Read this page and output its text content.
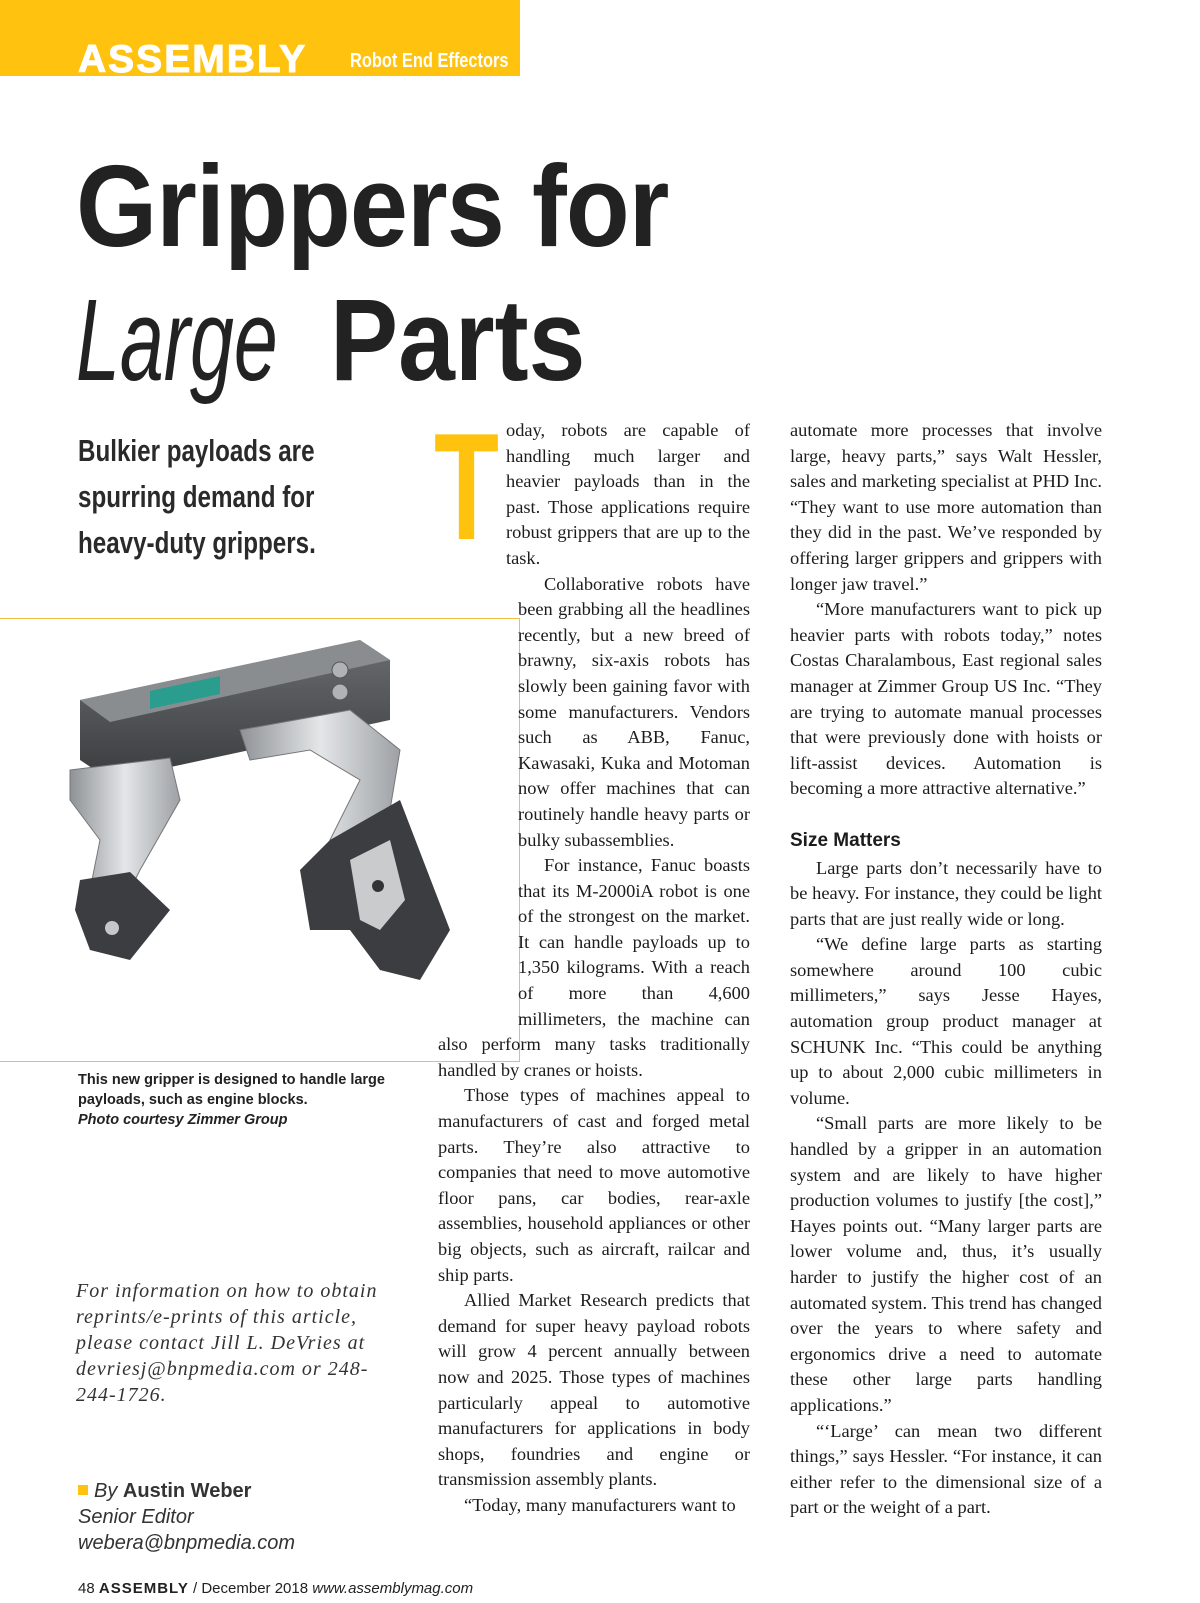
ASSEMBLY Robot End Effectors
Grippers for
Large Parts
Bulkier payloads are spurring demand for heavy-duty grippers.
This new gripper is designed to handle large payloads, such as engine blocks.
Photo courtesy Zimmer Group
For information on how to obtain reprints/e-prints of this article, please contact Jill L. DeVries at devriesj@bnpmedia.com or 248-244-1726.
By Austin Weber
Senior Editor
webera@bnpmedia.com
48 ASSEMBLY / December 2018 www.assemblymag.com
T oday, robots are capable of handling much larger and heavier payloads than in the past. Those applications require robust grippers that are up to the task.

Collaborative robots have been grabbing all the headlines recently, but a new breed of brawny, six-axis robots has slowly been gaining favor with some manufacturers. Vendors such as ABB, Fanuc, Kawasaki, Kuka and Motoman now offer machines that can routinely handle heavy parts or bulky subassemblies.

For instance, Fanuc boasts that its M-2000iA robot is one of the strongest on the market. It can handle payloads up to 1,350 kilograms. With a reach of more than 4,600 millimeters, the machine can also perform many tasks traditionally handled by cranes or hoists.

Those types of machines appeal to manufacturers of cast and forged metal parts. They’re also attractive to companies that need to move automotive floor pans, car bodies, rear-axle assemblies, household appliances or other big objects, such as aircraft, railcar and ship parts.

Allied Market Research predicts that demand for super heavy payload robots will grow 4 percent annually between now and 2025. Those types of machines particularly appeal to automotive manufacturers for applications in body shops, foundries and engine or transmission assembly plants.

“Today, many manufacturers want to

automate more processes that involve large, heavy parts,” says Walt Hessler, sales and marketing specialist at PHD Inc. “They want to use more automation than they did in the past. We’ve responded by offering larger grippers and grippers with longer jaw travel.”

“More manufacturers want to pick up heavier parts with robots today,” notes Costas Charalambous, East regional sales manager at Zimmer Group US Inc. “They are trying to automate manual processes that were previously done with hoists or lift-assist devices. Automation is becoming a more attractive alternative.”

Size Matters

Large parts don’t necessarily have to be heavy. For instance, they could be light parts that are just really wide or long.

“We define large parts as starting somewhere around 100 cubic millimeters,” says Jesse Hayes, automation group product manager at SCHUNK Inc. “This could be anything up to about 2,000 cubic millimeters in volume.

“Small parts are more likely to be handled by a gripper in an automation system and are likely to have higher production volumes to justify [the cost],” Hayes points out. “Many larger parts are lower volume and, thus, it’s usually harder to justify the higher cost of an automated system. This trend has changed over the years to where safety and ergonomics drive a need to automate these other large parts handling applications.”

“‘Large’ can mean two different things,” says Hessler. “For instance, it can either refer to the dimensional size of a part or the weight of a part.
